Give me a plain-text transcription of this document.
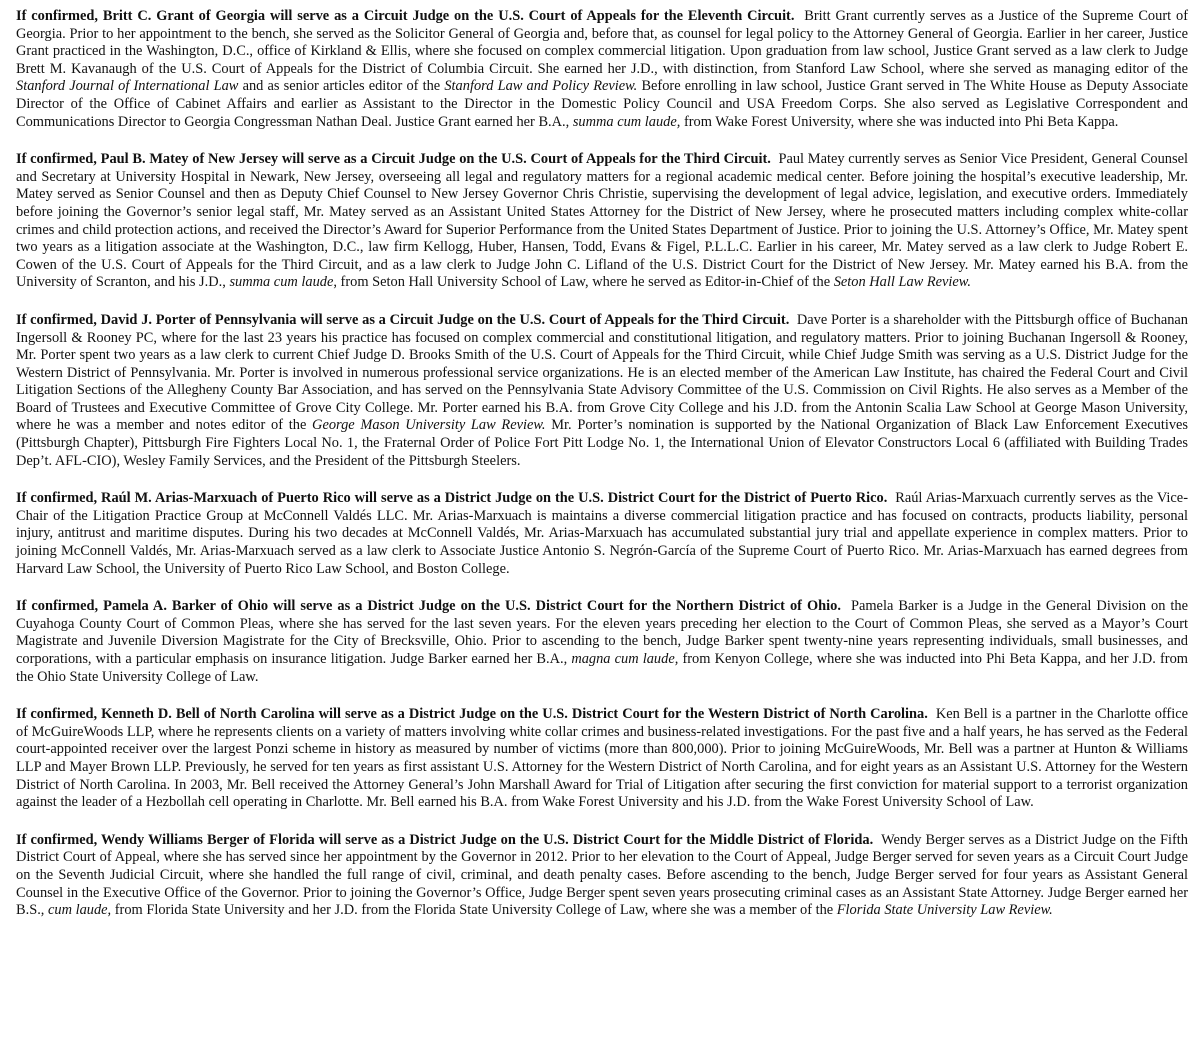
If confirmed, Britt C. Grant of Georgia will serve as a Circuit Judge on the U.S. Court of Appeals for the Eleventh Circuit. Britt Grant currently serves as a Justice of the Supreme Court of Georgia. Prior to her appointment to the bench, she served as the Solicitor General of Georgia and, before that, as counsel for legal policy to the Attorney General of Georgia. Earlier in her career, Justice Grant practiced in the Washington, D.C., office of Kirkland & Ellis, where she focused on complex commercial litigation. Upon graduation from law school, Justice Grant served as a law clerk to Judge Brett M. Kavanaugh of the U.S. Court of Appeals for the District of Columbia Circuit. She earned her J.D., with distinction, from Stanford Law School, where she served as managing editor of the Stanford Journal of International Law and as senior articles editor of the Stanford Law and Policy Review. Before enrolling in law school, Justice Grant served in The White House as Deputy Associate Director of the Office of Cabinet Affairs and earlier as Assistant to the Director in the Domestic Policy Council and USA Freedom Corps. She also served as Legislative Correspondent and Communications Director to Georgia Congressman Nathan Deal. Justice Grant earned her B.A., summa cum laude, from Wake Forest University, where she was inducted into Phi Beta Kappa.

If confirmed, Paul B. Matey of New Jersey will serve as a Circuit Judge on the U.S. Court of Appeals for the Third Circuit. Paul Matey currently serves as Senior Vice President, General Counsel and Secretary at University Hospital in Newark, New Jersey, overseeing all legal and regulatory matters for a regional academic medical center. Before joining the hospital’s executive leadership, Mr. Matey served as Senior Counsel and then as Deputy Chief Counsel to New Jersey Governor Chris Christie, supervising the development of legal advice, legislation, and executive orders. Immediately before joining the Governor’s senior legal staff, Mr. Matey served as an Assistant United States Attorney for the District of New Jersey, where he prosecuted matters including complex white-collar crimes and child protection actions, and received the Director’s Award for Superior Performance from the United States Department of Justice. Prior to joining the U.S. Attorney’s Office, Mr. Matey spent two years as a litigation associate at the Washington, D.C., law firm Kellogg, Huber, Hansen, Todd, Evans & Figel, P.L.L.C. Earlier in his career, Mr. Matey served as a law clerk to Judge Robert E. Cowen of the U.S. Court of Appeals for the Third Circuit, and as a law clerk to Judge John C. Lifland of the U.S. District Court for the District of New Jersey. Mr. Matey earned his B.A. from the University of Scranton, and his J.D., summa cum laude, from Seton Hall University School of Law, where he served as Editor-in-Chief of the Seton Hall Law Review.

If confirmed, David J. Porter of Pennsylvania will serve as a Circuit Judge on the U.S. Court of Appeals for the Third Circuit. Dave Porter is a shareholder with the Pittsburgh office of Buchanan Ingersoll & Rooney PC, where for the last 23 years his practice has focused on complex commercial and constitutional litigation, and regulatory matters. Prior to joining Buchanan Ingersoll & Rooney, Mr. Porter spent two years as a law clerk to current Chief Judge D. Brooks Smith of the U.S. Court of Appeals for the Third Circuit, while Chief Judge Smith was serving as a U.S. District Judge for the Western District of Pennsylvania. Mr. Porter is involved in numerous professional service organizations. He is an elected member of the American Law Institute, has chaired the Federal Court and Civil Litigation Sections of the Allegheny County Bar Association, and has served on the Pennsylvania State Advisory Committee of the U.S. Commission on Civil Rights. He also serves as a Member of the Board of Trustees and Executive Committee of Grove City College. Mr. Porter earned his B.A. from Grove City College and his J.D. from the Antonin Scalia Law School at George Mason University, where he was a member and notes editor of the George Mason University Law Review. Mr. Porter’s nomination is supported by the National Organization of Black Law Enforcement Executives (Pittsburgh Chapter), Pittsburgh Fire Fighters Local No. 1, the Fraternal Order of Police Fort Pitt Lodge No. 1, the International Union of Elevator Constructors Local 6 (affiliated with Building Trades Dep’t. AFL-CIO), Wesley Family Services, and the President of the Pittsburgh Steelers.

If confirmed, Raúl M. Arias-Marxuach of Puerto Rico will serve as a District Judge on the U.S. District Court for the District of Puerto Rico. Raúl Arias-Marxuach currently serves as the Vice-Chair of the Litigation Practice Group at McConnell Valdés LLC. Mr. Arias-Marxuach is maintains a diverse commercial litigation practice and has focused on contracts, products liability, personal injury, antitrust and maritime disputes. During his two decades at McConnell Valdés, Mr. Arias-Marxuach has accumulated substantial jury trial and appellate experience in complex matters. Prior to joining McConnell Valdés, Mr. Arias-Marxuach served as a law clerk to Associate Justice Antonio S. Negrón-García of the Supreme Court of Puerto Rico. Mr. Arias-Marxuach has earned degrees from Harvard Law School, the University of Puerto Rico Law School, and Boston College.

If confirmed, Pamela A. Barker of Ohio will serve as a District Judge on the U.S. District Court for the Northern District of Ohio. Pamela Barker is a Judge in the General Division on the Cuyahoga County Court of Common Pleas, where she has served for the last seven years. For the eleven years preceding her election to the Court of Common Pleas, she served as a Mayor’s Court Magistrate and Juvenile Diversion Magistrate for the City of Brecksville, Ohio. Prior to ascending to the bench, Judge Barker spent twenty-nine years representing individuals, small businesses, and corporations, with a particular emphasis on insurance litigation. Judge Barker earned her B.A., magna cum laude, from Kenyon College, where she was inducted into Phi Beta Kappa, and her J.D. from the Ohio State University College of Law.

If confirmed, Kenneth D. Bell of North Carolina will serve as a District Judge on the U.S. District Court for the Western District of North Carolina. Ken Bell is a partner in the Charlotte office of McGuireWoods LLP, where he represents clients on a variety of matters involving white collar crimes and business-related investigations. For the past five and a half years, he has served as the Federal court-appointed receiver over the largest Ponzi scheme in history as measured by number of victims (more than 800,000). Prior to joining McGuireWoods, Mr. Bell was a partner at Hunton & Williams LLP and Mayer Brown LLP. Previously, he served for ten years as first assistant U.S. Attorney for the Western District of North Carolina, and for eight years as an Assistant U.S. Attorney for the Western District of North Carolina. In 2003, Mr. Bell received the Attorney General’s John Marshall Award for Trial of Litigation after securing the first conviction for material support to a terrorist organization against the leader of a Hezbollah cell operating in Charlotte. Mr. Bell earned his B.A. from Wake Forest University and his J.D. from the Wake Forest University School of Law.

If confirmed, Wendy Williams Berger of Florida will serve as a District Judge on the U.S. District Court for the Middle District of Florida. Wendy Berger serves as a District Judge on the Fifth District Court of Appeal, where she has served since her appointment by the Governor in 2012. Prior to her elevation to the Court of Appeal, Judge Berger served for seven years as a Circuit Court Judge on the Seventh Judicial Circuit, where she handled the full range of civil, criminal, and death penalty cases. Before ascending to the bench, Judge Berger served for four years as Assistant General Counsel in the Executive Office of the Governor. Prior to joining the Governor’s Office, Judge Berger spent seven years prosecuting criminal cases as an Assistant State Attorney. Judge Berger earned her B.S., cum laude, from Florida State University and her J.D. from the Florida State University College of Law, where she was a member of the Florida State University Law Review.
